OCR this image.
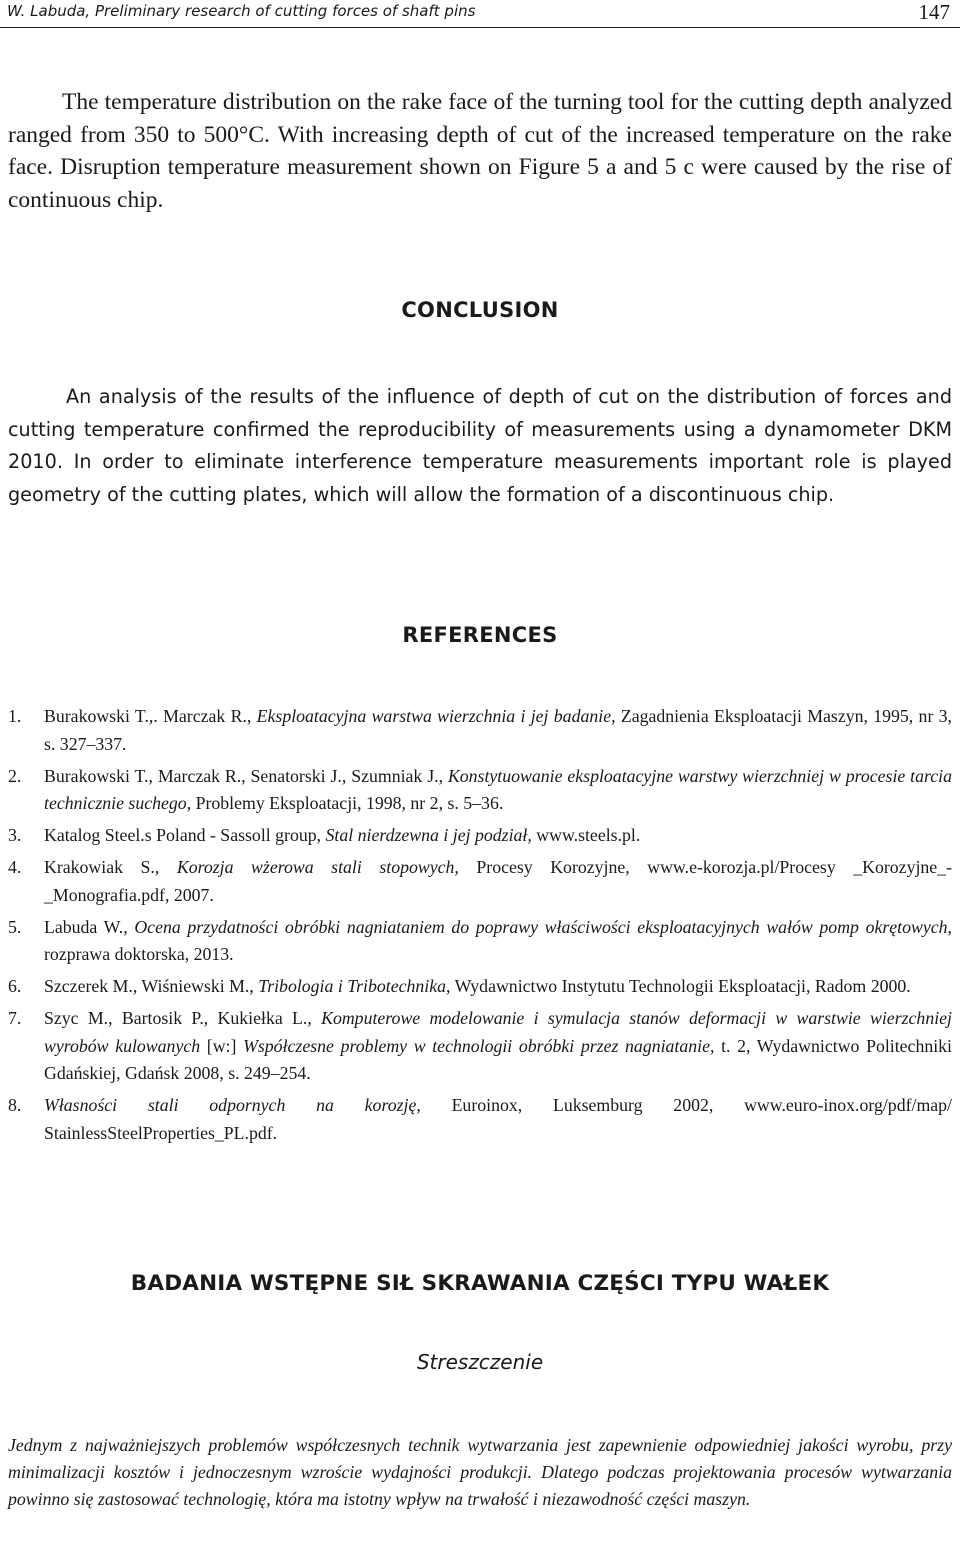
W. Labuda, Preliminary research of cutting forces of shaft pins	147

The temperature distribution on the rake face of the turning tool for the cutting depth analyzed ranged from 350 to 500°C. With increasing depth of cut of the increased temperature on the rake face. Disruption temperature measurement shown on Figure 5 a and 5 c were caused by the rise of continuous chip.

CONCLUSION

An analysis of the results of the influence of depth of cut on the distribution of forces and cutting temperature confirmed the reproducibility of measurements using a dynamometer DKM 2010. In order to eliminate interference temperature measurements important role is played geometry of the cutting plates, which will allow the formation of a discontinuous chip.

REFERENCES
1. Burakowski T.,. Marczak R., Eksploatacyjna warstwa wierzchnia i jej badanie, Zagadnienia Eksploatacji Maszyn, 1995, nr 3, s. 327–337.
2. Burakowski T., Marczak R., Senatorski J., Szumniak J., Konstytuowanie eksploatacyjne warstwy wierzchniej w procesie tarcia technicznie suchego, Problemy Eksploatacji, 1998, nr 2, s. 5–36.
3. Katalog Steel.s Poland - Sassoll group, Stal nierdzewna i jej podział, www.steels.pl.
4. Krakowiak S., Korozja wżerowa stali stopowych, Procesy Korozyjne, www.e-korozja.pl/Procesy _Korozyjne_-_Monografia.pdf, 2007.
5. Labuda W., Ocena przydatności obróbki nagniataniem do poprawy właściwości eksploatacyjnych wałów pomp okrętowych, rozprawa doktorska, 2013.
6. Szczerek M., Wiśniewski M., Tribologia i Tribotechnika, Wydawnictwo Instytutu Technologii Eksploatacji, Radom 2000.
7. Szyc M., Bartosik P., Kukiełka L., Komputerowe modelowanie i symulacja stanów deformacji w warstwie wierzchniej wyrobów kulowanych [w:] Współczesne problemy w technologii obróbki przez nagniatanie, t. 2, Wydawnictwo Politechniki Gdańskiej, Gdańsk 2008, s. 249–254.
8. Własności stali odpornych na korozję, Euroinox, Luksemburg 2002, www.euro-inox.org/pdf/map/ StainlessSteelProperties_PL.pdf.
BADANIA WSTĘPNE SIŁ SKRAWANIA CZĘŚCI TYPU WAŁEK
Streszczenie

Jednym z najważniejszych problemów współczesnych technik wytwarzania jest zapewnienie odpowiedniej jakości wyrobu, przy minimalizacji kosztów i jednoczesnym wzroście wydajności produkcji. Dlatego podczas projektowania procesów wytwarzania powinno się zastosować technologię, która ma istotny wpływ na trwałość i niezawodność części maszyn.
